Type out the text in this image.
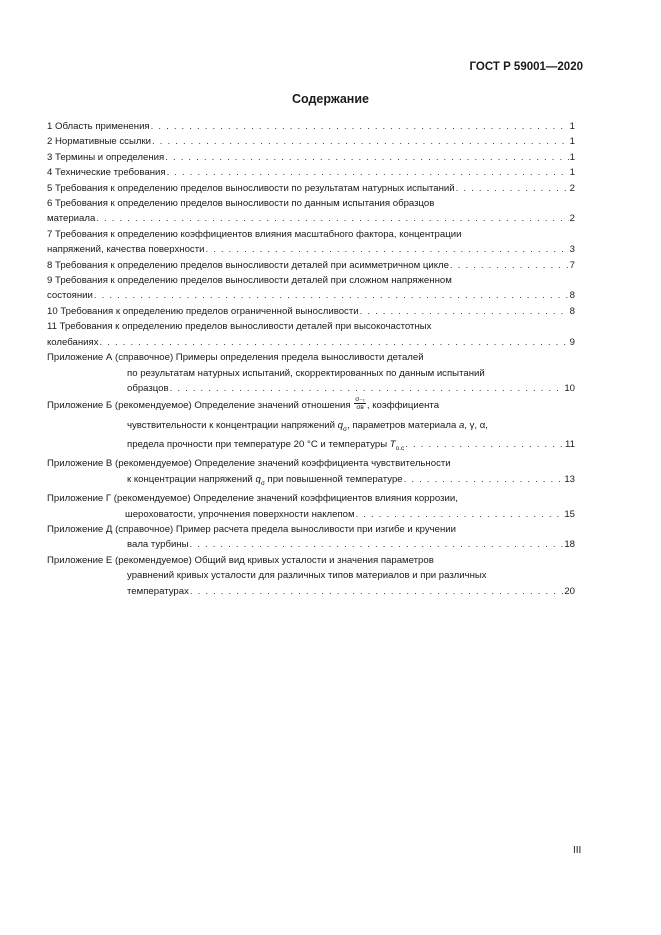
ГОСТ Р 59001—2020
Содержание
1 Область применения . . .	1
2 Нормативные ссылки . . .	1
3 Термины и определения . . .	1
4 Технические требования . . .	1
5 Требования к определению пределов выносливости по результатам натурных испытаний . . .	2
6 Требования к определению пределов выносливости по данным испытания образцов
материала . . .	2
7 Требования к определению коэффициентов влияния масштабного фактора, концентрации
напряжений, качества поверхности . . .	3
8 Требования к определению пределов выносливости деталей при асимметричном цикле . . .	7
9 Требования к определению пределов выносливости деталей при сложном напряженном
состоянии . . .	8
10 Требования к определению пределов ограниченной выносливости . . .	8
11 Требования к определению пределов выносливости деталей при высокочастотных
колебаниях . . .	9
Приложение А (справочное) Примеры определения предела выносливости деталей
по результатам натурных испытаний, скорректированных по данным испытаний
образцов . . .	10
Приложение Б (рекомендуемое) Определение значений отношения $\frac{\text{σ₋₁}}{\sigma в}$ , коэффициента
чувствительности к концентрации напряжений $q_\sigma$, параметров материала a, γ, α,
предела прочности при температуре 20 °С и температуры $T_{о.с}$ . . .	11
Приложение В (рекомендуемое) Определение значений коэффициента чувствительности
к концентрации напряжений $q_\sigma$ при повышенной температуре . . .	13
Приложение Г (рекомендуемое) Определение значений коэффициентов влияния коррозии,
шероховатости, упрочнения поверхности наклепом . . .	15
Приложение Д (справочное) Пример расчета предела выносливости при изгибе и кручении
вала турбины . . .	18
Приложение Е (рекомендуемое) Общий вид кривых усталости и значения параметров
уравнений кривых усталости для различных типов материалов и при различных
температурах . . .	20
III
